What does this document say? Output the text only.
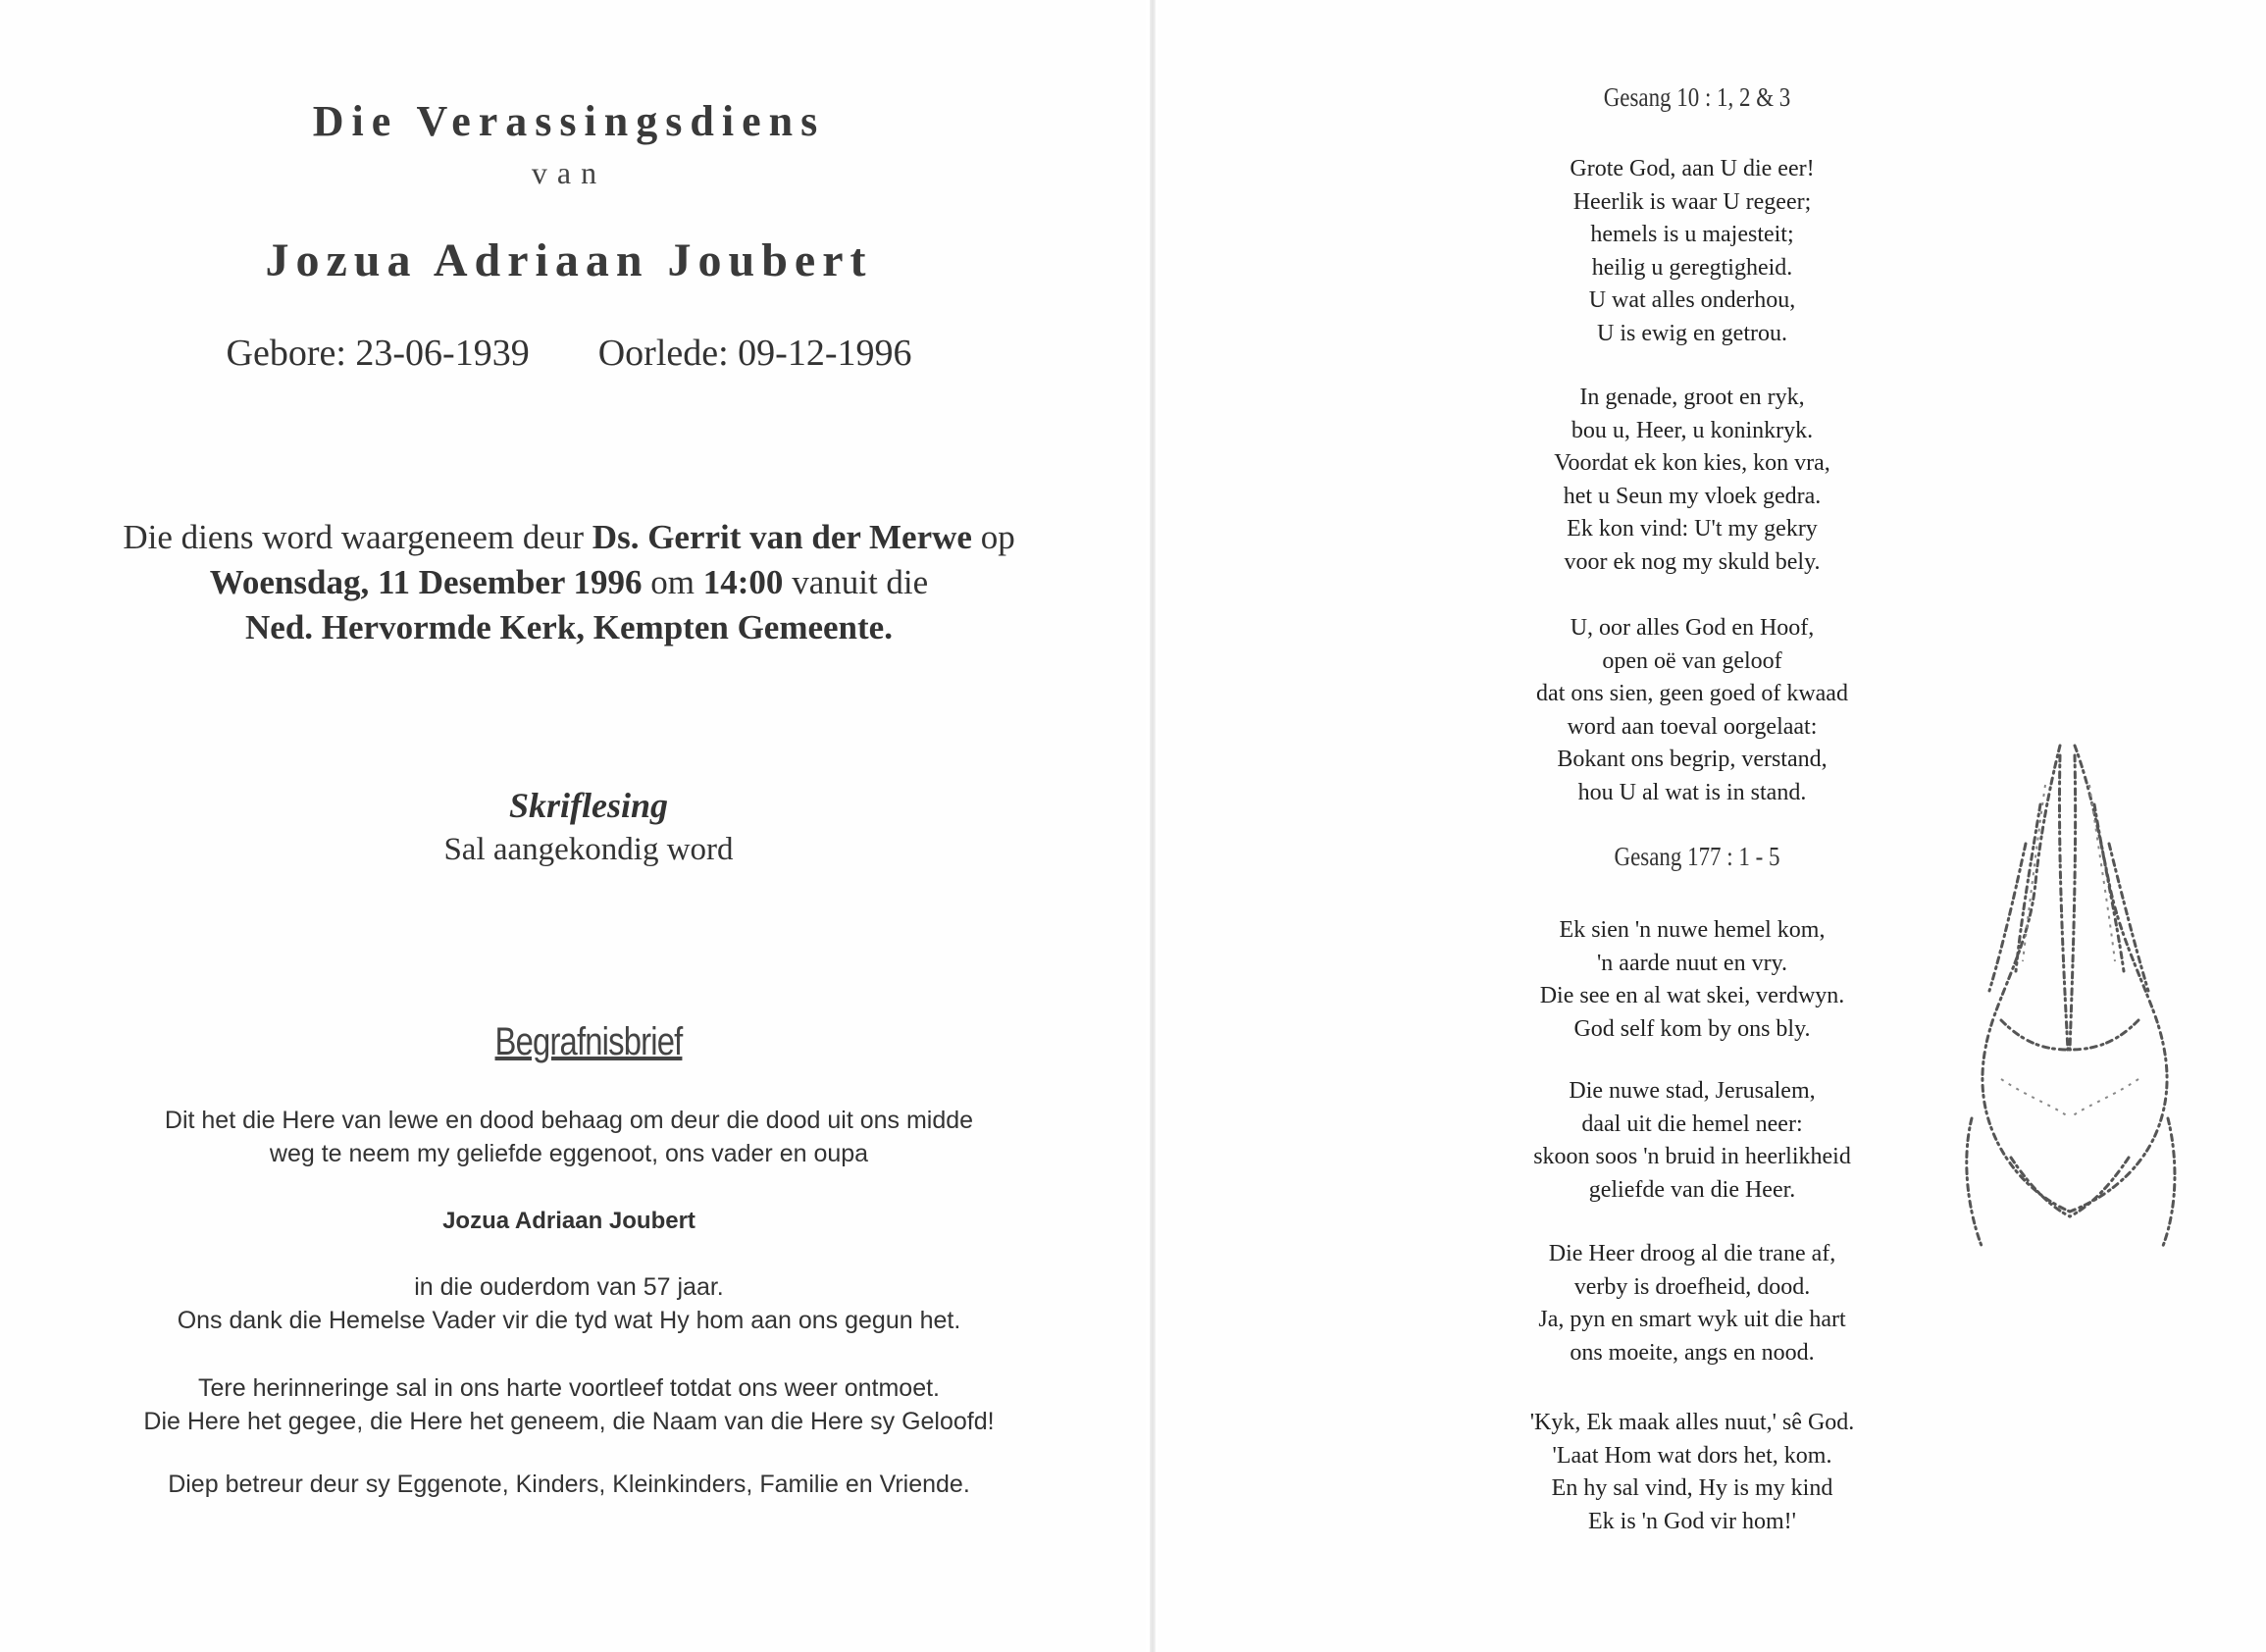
Die Verassingsdiens
van
Jozua Adriaan Joubert
Gebore: 23-06-1939 Oorlede: 09-12-1996
Die diens word waargeneem deur Ds. Gerrit van der Merwe op
Woensdag, 11 Desember 1996 om 14:00 vanuit die
Ned. Hervormde Kerk, Kempten Gemeente.
Skriflesing
Sal aangekondig word
Begrafnisbrief
Dit het die Here van lewe en dood behaag om deur die dood uit ons midde
weg te neem my geliefde eggenoot, ons vader en oupa
Jozua Adriaan Joubert
in die ouderdom van 57 jaar.
Ons dank die Hemelse Vader vir die tyd wat Hy hom aan ons gegun het.
Tere herinneringe sal in ons harte voortleef totdat ons weer ontmoet.
Die Here het gegee, die Here het geneem, die Naam van die Here sy Geloofd!
Diep betreur deur sy Eggenote, Kinders, Kleinkinders, Familie en Vriende.
Gesang 10 : 1, 2 & 3
Grote God, aan U die eer!
Heerlik is waar U regeer;
hemels is u majesteit;
heilig u geregtigheid.
U wat alles onderhou,
U is ewig en getrou.
In genade, groot en ryk,
bou u, Heer, u koninkryk.
Voordat ek kon kies, kon vra,
het u Seun my vloek gedra.
Ek kon vind: U't my gekry
voor ek nog my skuld bely.
U, oor alles God en Hoof,
open oë van geloof
dat ons sien, geen goed of kwaad
word aan toeval oorgelaat:
Bokant ons begrip, verstand,
hou U al wat is in stand.
Gesang 177 : 1 - 5
Ek sien 'n nuwe hemel kom,
'n aarde nuut en vry.
Die see en al wat skei, verdwyn.
God self kom by ons bly.
Die nuwe stad, Jerusalem,
daal uit die hemel neer:
skoon soos 'n bruid in heerlikheid
geliefde van die Heer.
Die Heer droog al die trane af,
verby is droefheid, dood.
Ja, pyn en smart wyk uit die hart
ons moeite, angs en nood.
'Kyk, Ek maak alles nuut,' sê God.
'Laat Hom wat dors het, kom.
En hy sal vind, Hy is my kind
Ek is 'n God vir hom!'
